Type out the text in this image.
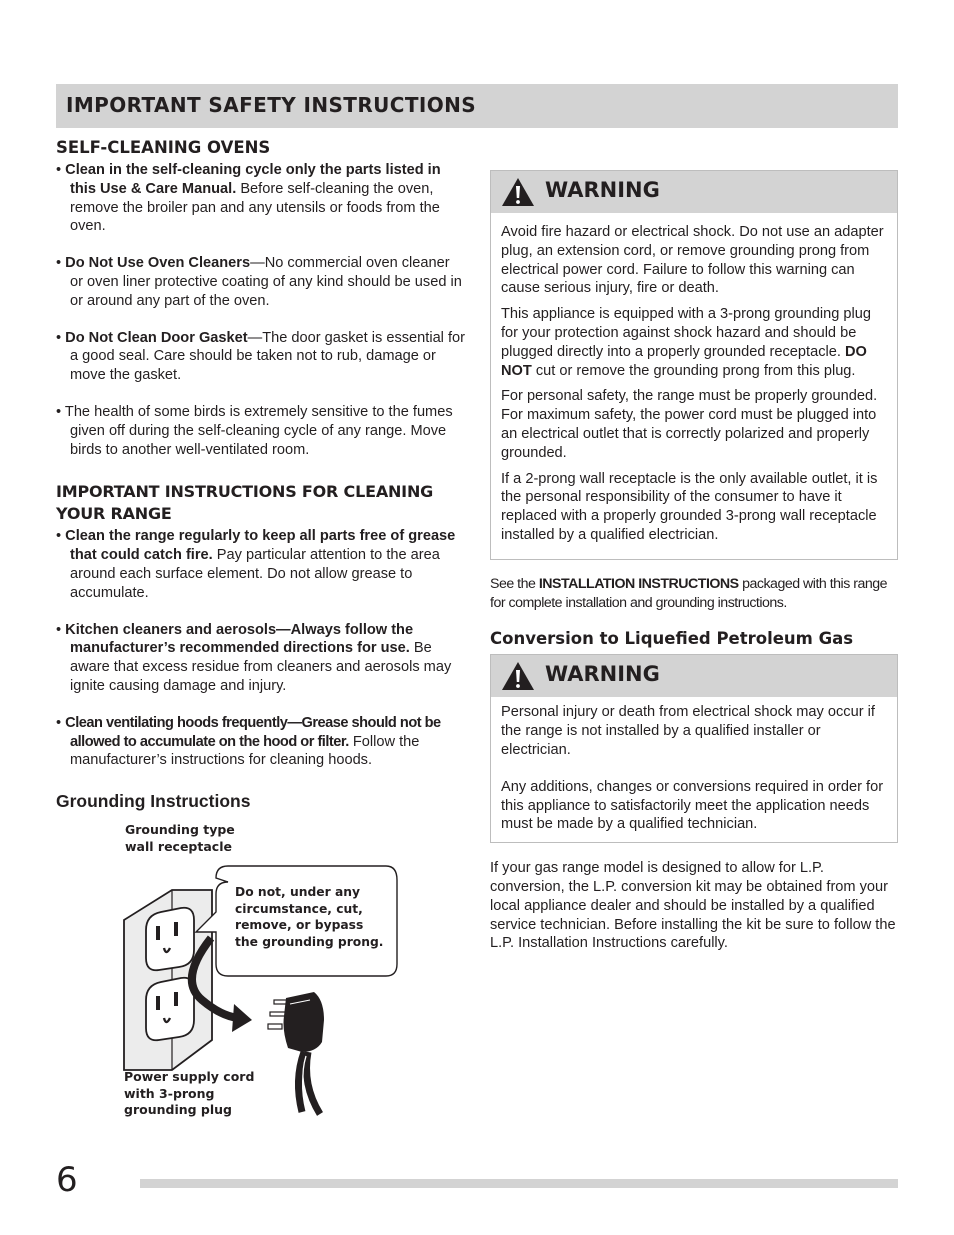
IMPORTANT SAFETY INSTRUCTIONS
SELF-CLEANING OVENS

• Clean in the self-cleaning cycle only the parts listed in this Use & Care Manual. Before self-cleaning the oven, remove the broiler pan and any utensils or foods from the oven.

• Do Not Use Oven Cleaners—No commercial oven cleaner or oven liner protective coating of any kind should be used in or around any part of the oven.

• Do Not Clean Door Gasket—The door gasket is essential for a good seal. Care should be taken not to rub, damage or move the gasket.

• The health of some birds is extremely sensitive to the fumes given off during the self-cleaning cycle of any range. Move birds to another well-ventilated room.

IMPORTANT INSTRUCTIONS FOR CLEANING YOUR RANGE

• Clean the range regularly to keep all parts free of grease that could catch fire. Pay particular attention to the area around each surface element. Do not allow grease to accumulate.

• Kitchen cleaners and aerosols—Always follow the manufacturer’s recommended directions for use. Be aware that excess residue from cleaners and aerosols may ignite causing damage and injury.

• Clean ventilating hoods frequently—Grease should not be allowed to accumulate on the hood or filter. Follow the manufacturer’s instructions for cleaning hoods.

Grounding Instructions
Grounding type
wall receptacle
Do not, under any
circumstance, cut,
remove, or bypass
the grounding prong.
Power supply cord
with 3-prong
grounding plug
WARNING

Avoid fire hazard or electrical shock. Do not use an adapter plug, an extension cord, or remove grounding prong from electrical power cord. Failure to follow this warning can cause serious injury, fire or death.

This appliance is equipped with a 3-prong grounding plug for your protection against shock hazard and should be plugged directly into a properly grounded receptacle. DO NOT cut or remove the grounding prong from this plug.

For personal safety, the range must be properly grounded. For maximum safety, the power cord must be plugged into an electrical outlet that is correctly polarized and properly grounded.

If a 2-prong wall receptacle is the only available outlet, it is the personal responsibility of the consumer to have it replaced with a properly grounded 3-prong wall receptacle installed by a qualified electrician.

See the INSTALLATION INSTRUCTIONS packaged with this range for complete installation and grounding instructions.

Conversion to Liquefied Petroleum Gas
WARNING

Personal injury or death from electrical shock may occur if the range is not installed by a qualified installer or electrician.

Any additions, changes or conversions required in order for this appliance to satisfactorily meet the application needs must be made by a qualified technician.

If your gas range model is designed to allow for L.P. conversion, the L.P. conversion kit may be obtained from your local appliance dealer and should be installed by a qualified service technician. Before installing the kit be sure to follow the L.P. Installation Instructions carefully.

6
